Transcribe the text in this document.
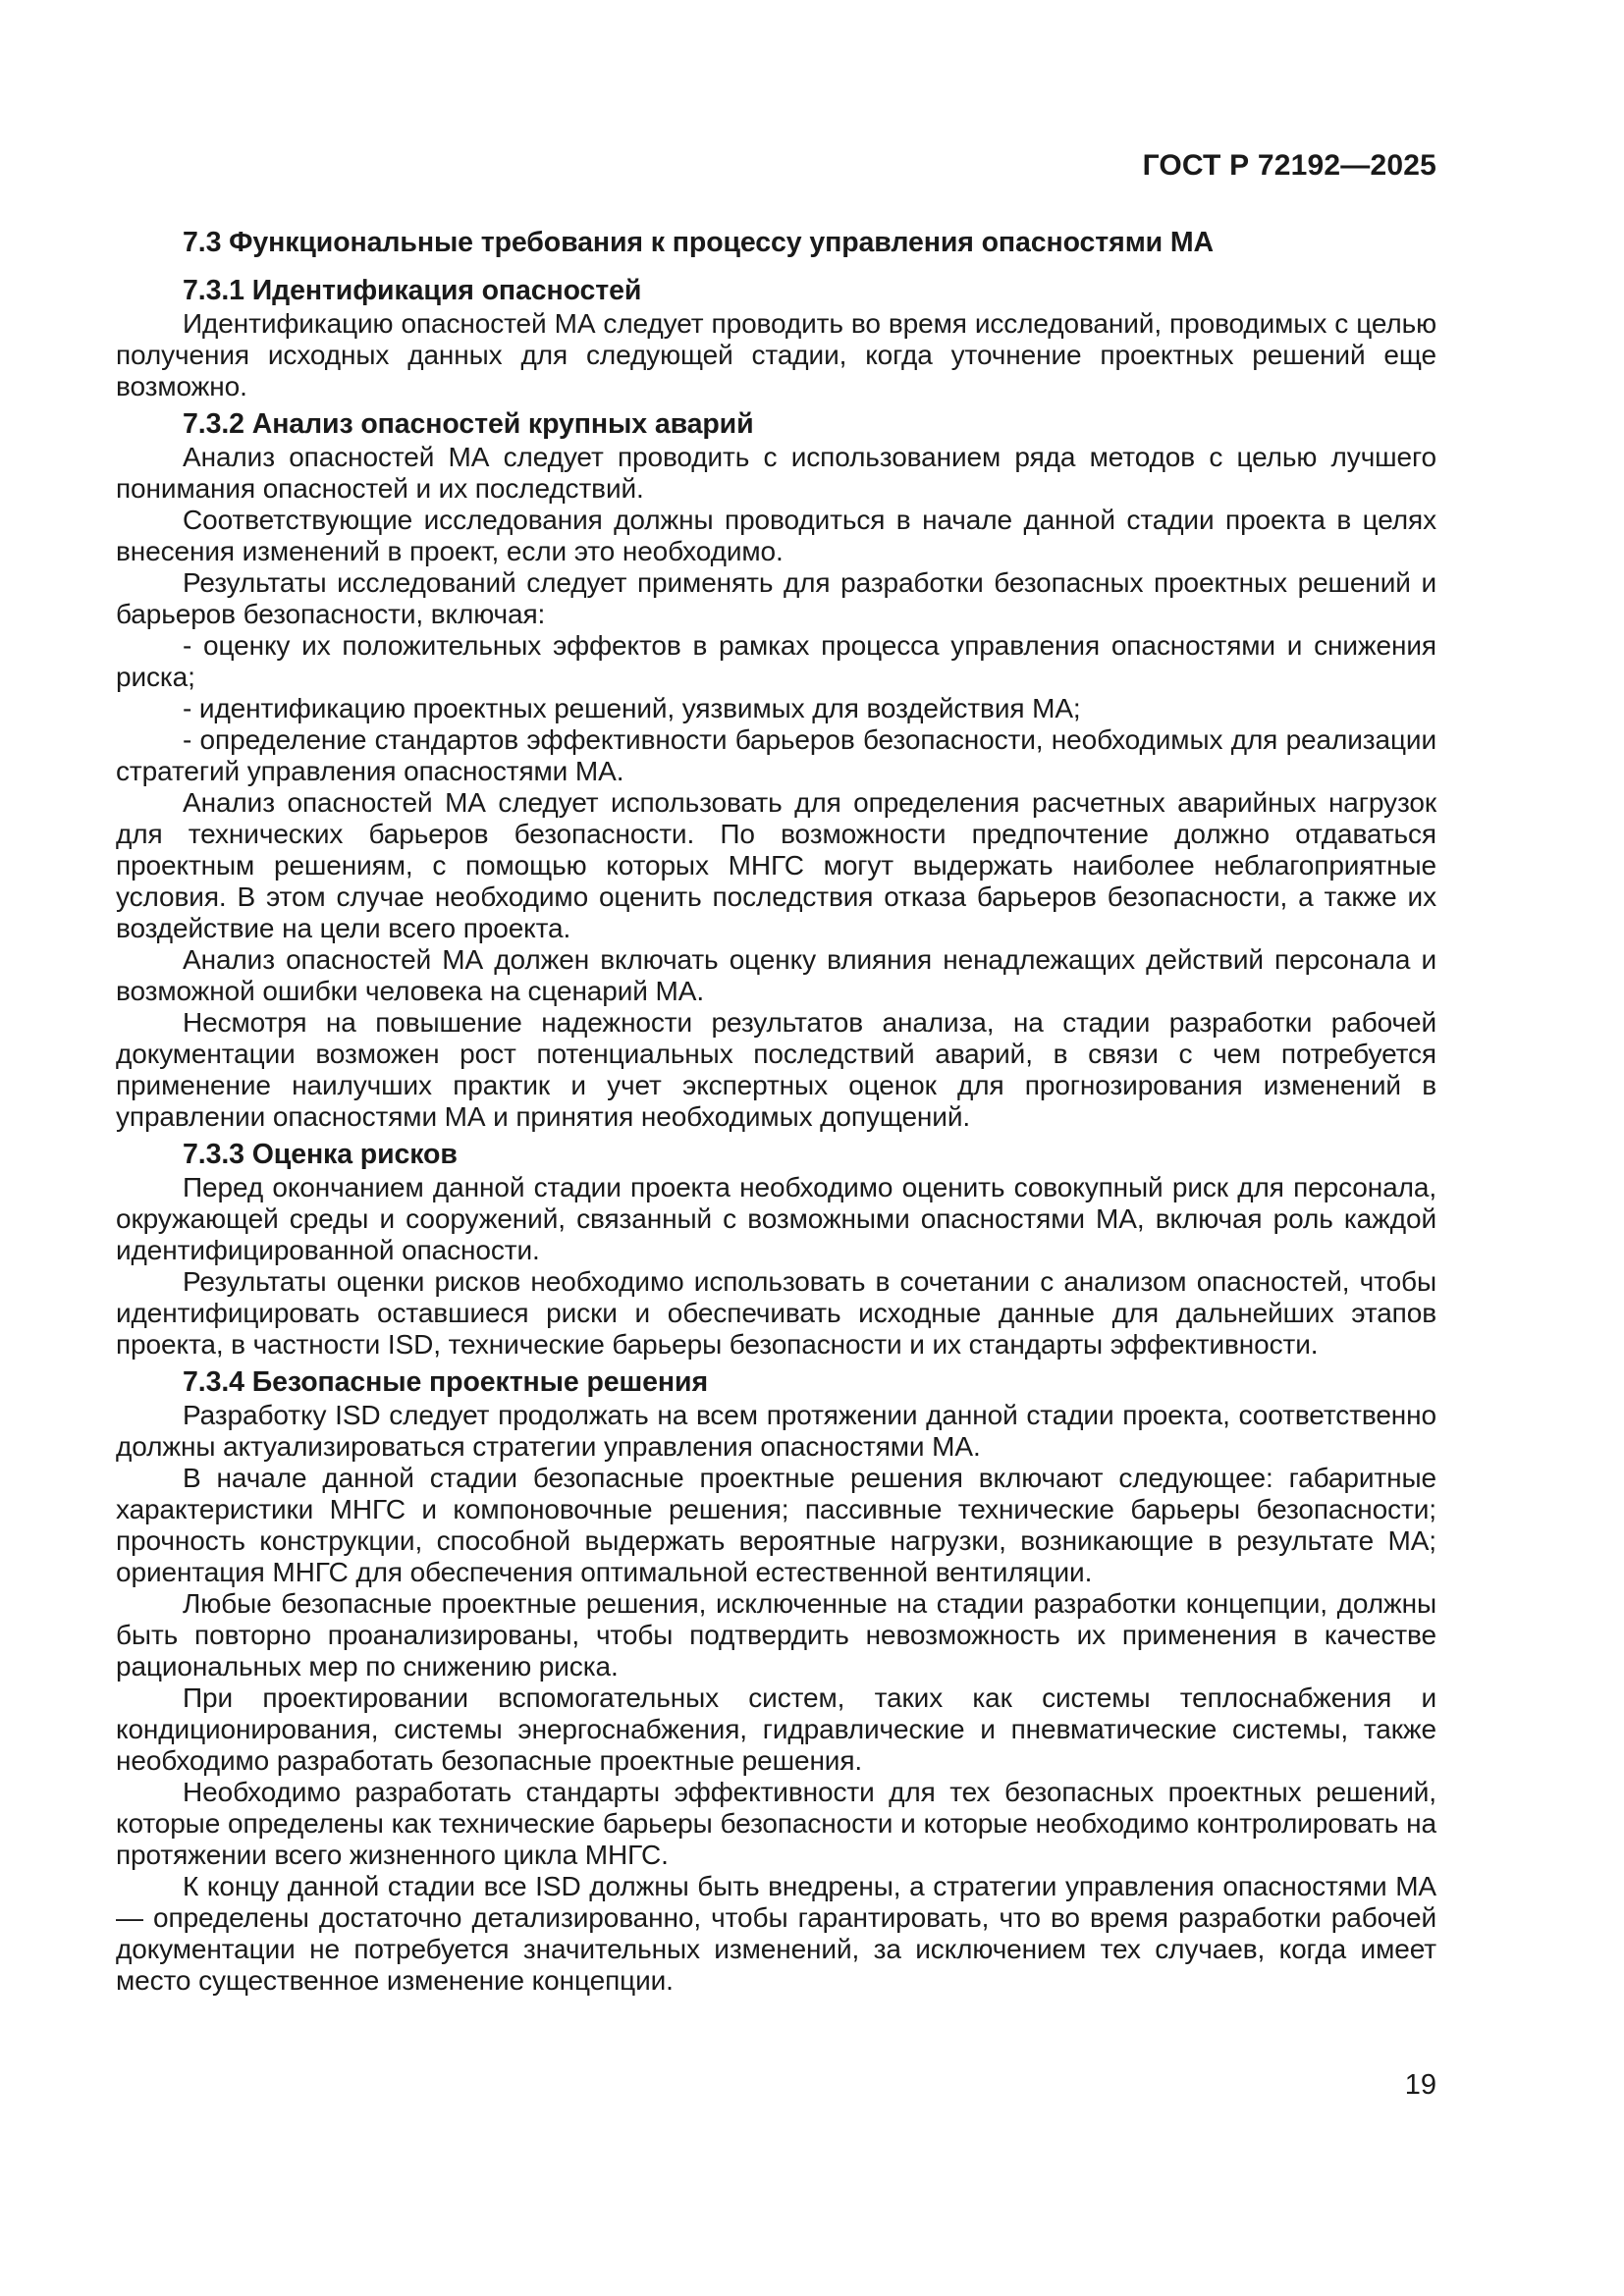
ГОСТ Р 72192—2025
7.3 Функциональные требования к процессу управления опасностями МА
7.3.1 Идентификация опасностей

Идентификацию опасностей МА следует проводить во время исследований, проводимых с целью получения исходных данных для следующей стадии, когда уточнение проектных решений еще возможно.

7.3.2 Анализ опасностей крупных аварий

Анализ опасностей МА следует проводить с использованием ряда методов с целью лучшего понимания опасностей и их последствий.

Соответствующие исследования должны проводиться в начале данной стадии проекта в целях внесения изменений в проект, если это необходимо.

Результаты исследований следует применять для разработки безопасных проектных решений и барьеров безопасности, включая:

- оценку их положительных эффектов в рамках процесса управления опасностями и снижения риска;

- идентификацию проектных решений, уязвимых для воздействия МА;

- определение стандартов эффективности барьеров безопасности, необходимых для реализации стратегий управления опасностями МА.

Анализ опасностей МА следует использовать для определения расчетных аварийных нагрузок для технических барьеров безопасности. По возможности предпочтение должно отдаваться проектным решениям, с помощью которых МНГС могут выдержать наиболее неблагоприятные условия. В этом случае необходимо оценить последствия отказа барьеров безопасности, а также их воздействие на цели всего проекта.

Анализ опасностей МА должен включать оценку влияния ненадлежащих действий персонала и возможной ошибки человека на сценарий МА.

Несмотря на повышение надежности результатов анализа, на стадии разработки рабочей документации возможен рост потенциальных последствий аварий, в связи с чем потребуется применение наилучших практик и учет экспертных оценок для прогнозирования изменений в управлении опасностями МА и принятия необходимых допущений.

7.3.3 Оценка рисков

Перед окончанием данной стадии проекта необходимо оценить совокупный риск для персонала, окружающей среды и сооружений, связанный с возможными опасностями МА, включая роль каждой идентифицированной опасности.

Результаты оценки рисков необходимо использовать в сочетании с анализом опасностей, чтобы идентифицировать оставшиеся риски и обеспечивать исходные данные для дальнейших этапов проекта, в частности ISD, технические барьеры безопасности и их стандарты эффективности.

7.3.4 Безопасные проектные решения

Разработку ISD следует продолжать на всем протяжении данной стадии проекта, соответственно должны актуализироваться стратегии управления опасностями МА.

В начале данной стадии безопасные проектные решения включают следующее: габаритные характеристики МНГС и компоновочные решения; пассивные технические барьеры безопасности; прочность конструкции, способной выдержать вероятные нагрузки, возникающие в результате МА; ориентация МНГС для обеспечения оптимальной естественной вентиляции.

Любые безопасные проектные решения, исключенные на стадии разработки концепции, должны быть повторно проанализированы, чтобы подтвердить невозможность их применения в качестве рациональных мер по снижению риска.

При проектировании вспомогательных систем, таких как системы теплоснабжения и кондиционирования, системы энергоснабжения, гидравлические и пневматические системы, также необходимо разработать безопасные проектные решения.

Необходимо разработать стандарты эффективности для тех безопасных проектных решений, которые определены как технические барьеры безопасности и которые необходимо контролировать на протяжении всего жизненного цикла МНГС.

К концу данной стадии все ISD должны быть внедрены, а стратегии управления опасностями МА — определены достаточно детализированно, чтобы гарантировать, что во время разработки рабочей документации не потребуется значительных изменений, за исключением тех случаев, когда имеет место существенное изменение концепции.

19
